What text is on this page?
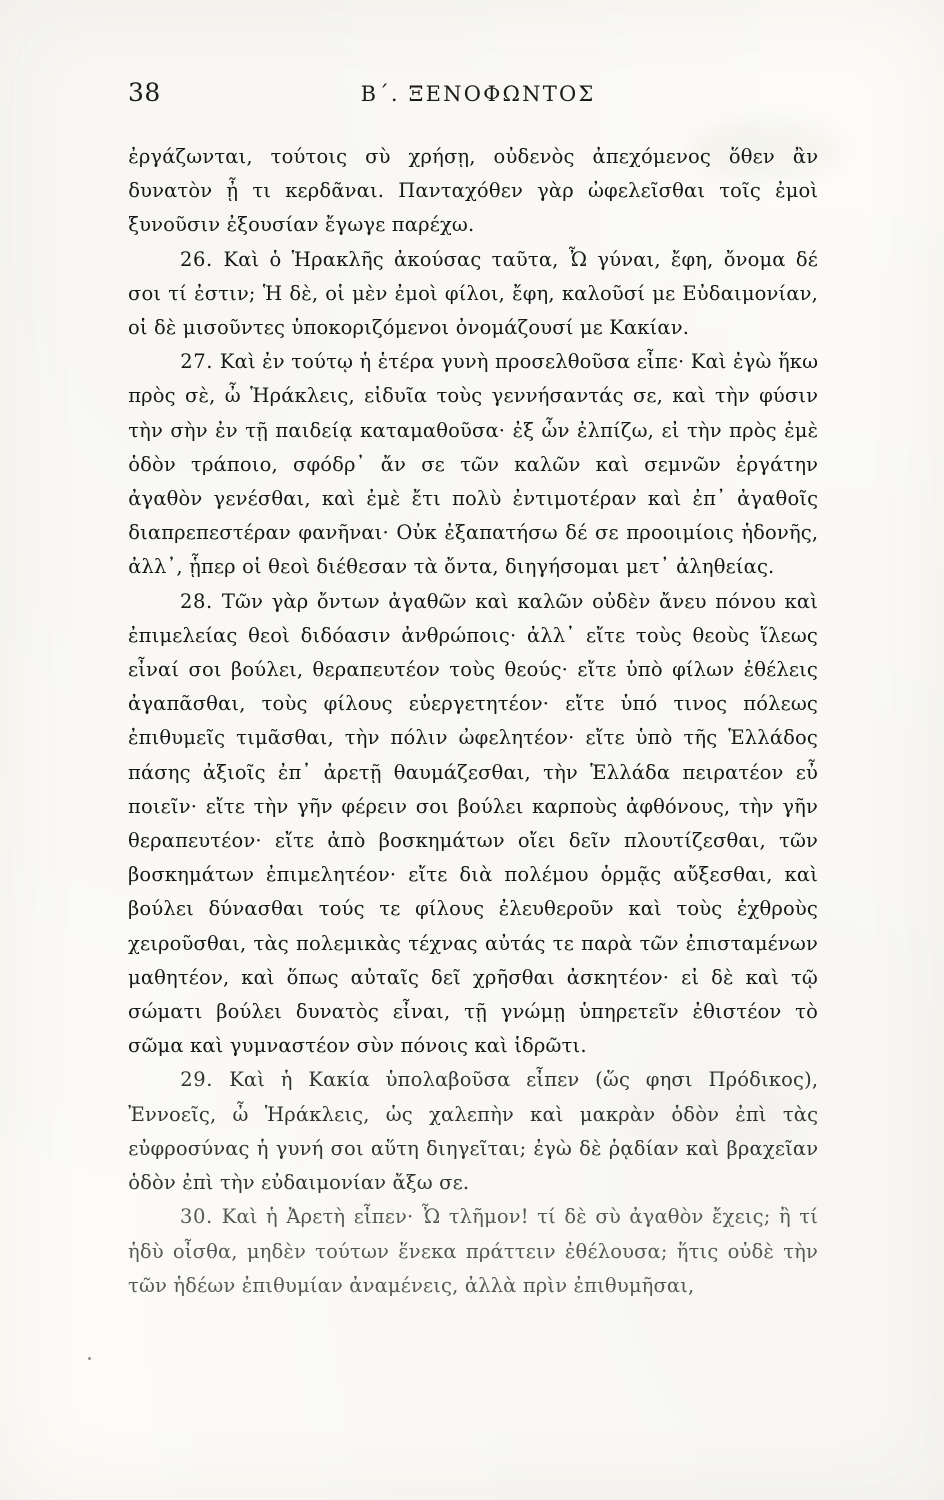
38	Β΄. ΞΕΝΟΦΩΝΤΟΣ

ἐργάζωνται, τούτοις σὺ χρήσῃ, οὐδενὸς ἀπεχόμενος ὅθεν ἂν δυνατὸν ᾖ τι κερδᾶναι. Πανταχόθεν γὰρ ὠφελεῖσθαι τοῖς ἐμοὶ ξυνοῦσιν ἐξουσίαν ἔγωγε παρέχω.

26. Καὶ ὁ Ἡρακλῆς ἀκούσας ταῦτα, Ὦ γύναι, ἔφη, ὄνομα δέ σοι τί ἐστιν; Ἡ δὲ, οἱ μὲν ἐμοὶ φίλοι, ἔφη, καλοῦσί με Εὐδαιμονίαν, οἱ δὲ μισοῦντες ὑποκοριζόμενοι ὀνομάζουσί με Κακίαν.

27. Καὶ ἐν τούτῳ ἡ ἑτέρα γυνὴ προσελθοῦσα εἶπε· Καὶ ἐγὼ ἥκω πρὸς σὲ, ὦ Ἡράκλεις, εἰδυῖα τοὺς γεννήσαντάς σε, καὶ τὴν φύσιν τὴν σὴν ἐν τῇ παιδείᾳ καταμαθοῦσα· ἐξ ὧν ἐλπίζω, εἰ τὴν πρὸς ἐμὲ ὁδὸν τράποιο, σφόδρ᾽ ἄν σε τῶν καλῶν καὶ σεμνῶν ἐργάτην ἀγαθὸν γενέσθαι, καὶ ἐμὲ ἔτι πολὺ ἐντιμοτέραν καὶ ἐπ᾽ ἀγαθοῖς διαπρεπεστέραν φανῆναι· Οὐκ ἐξαπατήσω δέ σε προοιμίοις ἡδονῆς, ἀλλ᾽, ᾗπερ οἱ θεοὶ διέθεσαν τὰ ὄντα, διηγήσομαι μετ᾽ ἀληθείας.

28. Τῶν γὰρ ὄντων ἀγαθῶν καὶ καλῶν οὐδὲν ἄνευ πόνου καὶ ἐπιμελείας θεοὶ διδόασιν ἀνθρώποις· ἀλλ᾽ εἴτε τοὺς θεοὺς ἵλεως εἶναί σοι βούλει, θεραπευτέον τοὺς θεούς· εἴτε ὑπὸ φίλων ἐθέλεις ἀγαπᾶσθαι, τοὺς φίλους εὐεργετητέον· εἴτε ὑπό τινος πόλεως ἐπιθυμεῖς τιμᾶσθαι, τὴν πόλιν ὠφελητέον· εἴτε ὑπὸ τῆς Ἑλλάδος πάσης ἀξιοῖς ἐπ᾽ ἀρετῇ θαυμάζεσθαι, τὴν Ἑλλάδα πειρατέον εὖ ποιεῖν· εἴτε τὴν γῆν φέρειν σοι βούλει καρποὺς ἀφθόνους, τὴν γῆν θεραπευτέον· εἴτε ἀπὸ βοσκημάτων οἴει δεῖν πλουτίζεσθαι, τῶν βοσκημάτων ἐπιμελητέον· εἴτε διὰ πολέμου ὁρμᾷς αὔξεσθαι, καὶ βούλει δύνασθαι τούς τε φίλους ἐλευθεροῦν καὶ τοὺς ἐχθροὺς χειροῦσθαι, τὰς πολεμικὰς τέχνας αὐτάς τε παρὰ τῶν ἐπισταμένων μαθητέον, καὶ ὅπως αὐταῖς δεῖ χρῆσθαι ἀσκητέον· εἰ δὲ καὶ τῷ σώματι βούλει δυνατὸς εἶναι, τῇ γνώμῃ ὑπηρετεῖν ἐθιστέον τὸ σῶμα καὶ γυμναστέον σὺν πόνοις καὶ ἱδρῶτι.

29. Καὶ ἡ Κακία ὑπολαβοῦσα εἶπεν (ὥς φησι Πρόδικος), Ἐννοεῖς, ὦ Ἡράκλεις, ὡς χαλεπὴν καὶ μακρὰν ὁδὸν ἐπὶ τὰς εὐφροσύνας ἡ γυνή σοι αὕτη διηγεῖται; ἐγὼ δὲ ῥᾳδίαν καὶ βραχεῖαν ὁδὸν ἐπὶ τὴν εὐδαιμονίαν ἄξω σε.

30. Καὶ ἡ Ἀρετὴ εἶπεν· Ὦ τλῆμον! τί δὲ σὺ ἀγαθὸν ἔχεις; ἢ τί ἡδὺ οἶσθα, μηδὲν τούτων ἕνεκα πράττειν ἐθέλουσα; ἥτις οὐδὲ τὴν τῶν ἡδέων ἐπιθυμίαν ἀναμένεις, ἀλλὰ πρὶν ἐπιθυμῆσαι,
